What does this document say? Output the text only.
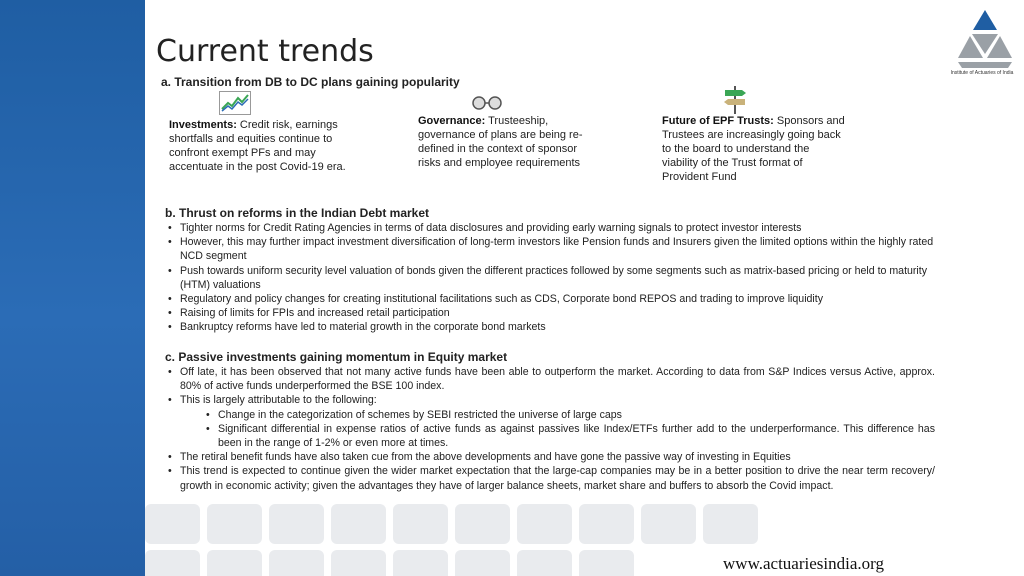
Current trends
Institute of Actuaries of India
a. Transition from DB to DC plans gaining popularity
Investments: Credit risk, earnings shortfalls and equities continue to confront exempt PFs and may accentuate in the post Covid-19 era.
Governance: Trusteeship, governance of plans are being re-defined in the context of sponsor risks and employee requirements
Future of EPF Trusts: Sponsors and Trustees are increasingly going back to the board to understand the viability of the Trust format of Provident Fund
b. Thrust on reforms in the Indian Debt market
• Tighter norms for Credit Rating Agencies in terms of data disclosures and providing early warning signals to protect investor interests
• However, this may further impact investment diversification of long-term investors like Pension funds and Insurers given the limited options within the highly rated NCD segment
• Push towards uniform security level valuation of bonds given the different practices followed by some segments such as matrix-based pricing or held to maturity (HTM) valuations
• Regulatory and policy changes for creating institutional facilitations such as CDS, Corporate bond REPOS and trading to improve liquidity
• Raising of limits for FPIs and increased retail participation
• Bankruptcy reforms have led to material growth in the corporate bond markets
c. Passive investments gaining momentum in Equity market
• Off late, it has been observed that not many active funds have been able to outperform the market. According to data from S&P Indices versus Active, approx. 80% of active funds underperformed the BSE 100 index.
• This is largely attributable to the following:
• Change in the categorization of schemes by SEBI restricted the universe of large caps
• Significant differential in expense ratios of active funds as against passives like Index/ETFs further add to the underperformance. This difference has been in the range of 1-2% or even more at times.
• The retiral benefit funds have also taken cue from the above developments and have gone the passive way of investing in Equities
• This trend is expected to continue given the wider market expectation that the large-cap companies may be in a better position to drive the near term recovery/ growth in economic activity; given the advantages they have of larger balance sheets, market share and buffers to absorb the Covid impact.
www.actuariesindia.org
